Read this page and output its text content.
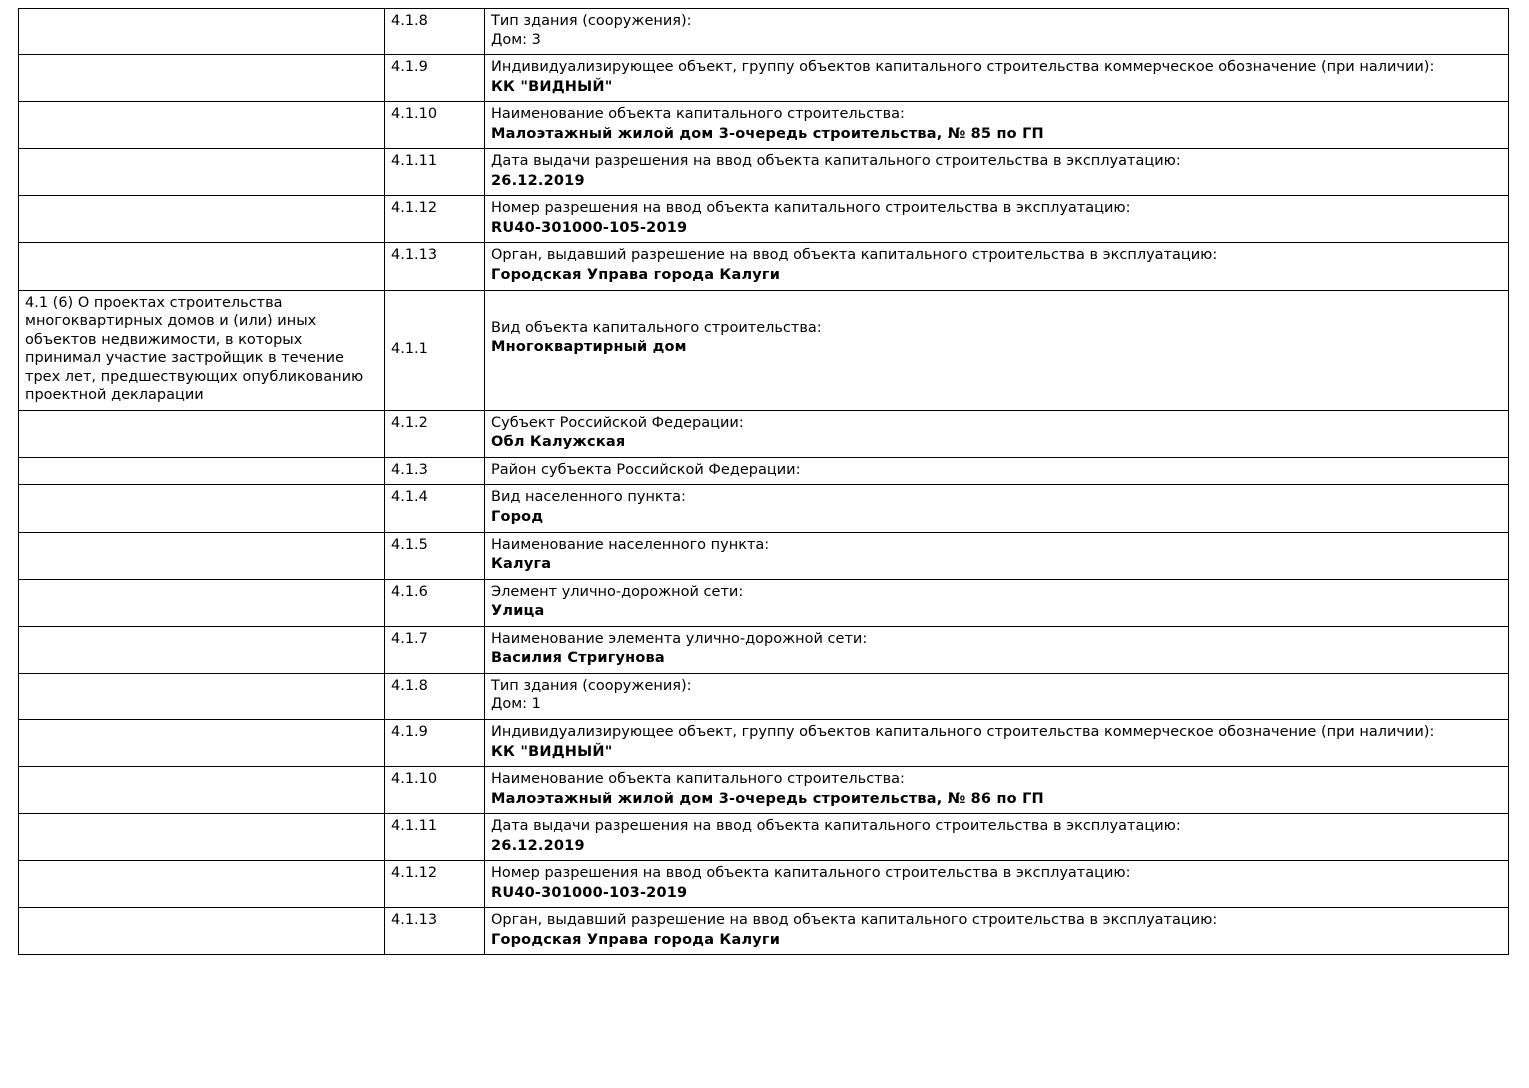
	4.1.8	Тип здания (сооружения):
Дом: 3

	4.1.9	Индивидуализирующее объект, группу объектов капитального строительства коммерческое обозначение (при наличии):
КК "ВИДНЫЙ"

	4.1.10	Наименование объекта капитального строительства:
Малоэтажный жилой дом 3-очередь строительства, № 85 по ГП

	4.1.11	Дата выдачи разрешения на ввод объекта капитального строительства в эксплуатацию:
26.12.2019

	4.1.12	Номер разрешения на ввод объекта капитального строительства в эксплуатацию:
RU40-301000-105-2019

	4.1.13	Орган, выдавший разрешение на ввод объекта капитального строительства в эксплуатацию:
Городская Управа города Калуги

4.1 (6) О проектах строительства многоквартирных домов и (или) иных объектов недвижимости, в которых принимал участие застройщик в течение трех лет, предшествующих опубликованию проектной декларации	4.1.1	Вид объекта капитального строительства:
Многоквартирный дом

	4.1.2	Субъект Российской Федерации:
Обл Калужская

	4.1.3	Район субъекта Российской Федерации:

	4.1.4	Вид населенного пункта:
Город

	4.1.5	Наименование населенного пункта:
Калуга

	4.1.6	Элемент улично-дорожной сети:
Улица

	4.1.7	Наименование элемента улично-дорожной сети:
Василия Стригунова

	4.1.8	Тип здания (сооружения):
Дом: 1

	4.1.9	Индивидуализирующее объект, группу объектов капитального строительства коммерческое обозначение (при наличии):
КК "ВИДНЫЙ"

	4.1.10	Наименование объекта капитального строительства:
Малоэтажный жилой дом 3-очередь строительства, № 86 по ГП

	4.1.11	Дата выдачи разрешения на ввод объекта капитального строительства в эксплуатацию:
26.12.2019

	4.1.12	Номер разрешения на ввод объекта капитального строительства в эксплуатацию:
RU40-301000-103-2019

	4.1.13	Орган, выдавший разрешение на ввод объекта капитального строительства в эксплуатацию:
Городская Управа города Калуги
